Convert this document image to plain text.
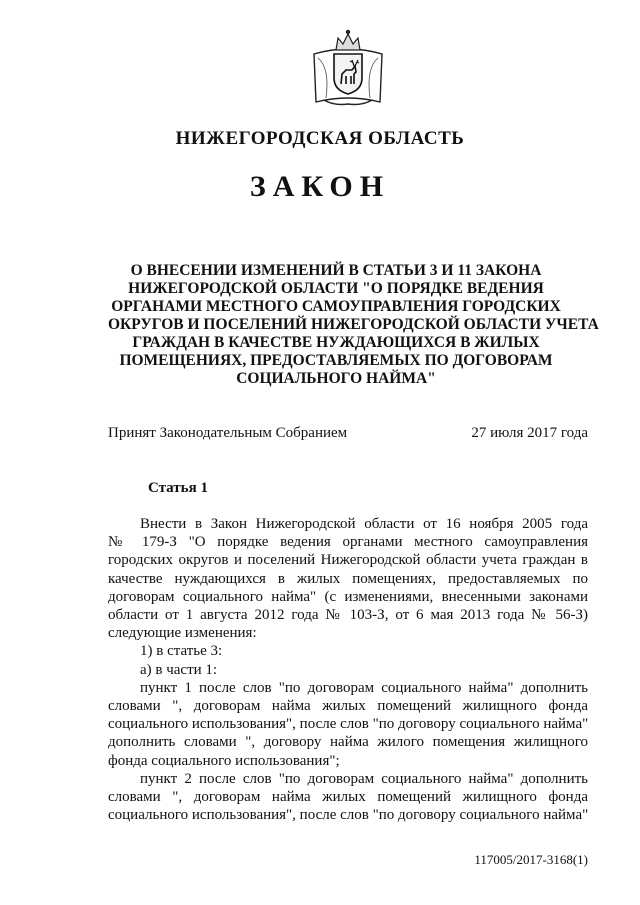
НИЖЕГОРОДСКАЯ ОБЛАСТЬ
ЗАКОН
О ВНЕСЕНИИ ИЗМЕНЕНИЙ В СТАТЬИ 3 И 11 ЗАКОНА
НИЖЕГОРОДСКОЙ ОБЛАСТИ "О ПОРЯДКЕ ВЕДЕНИЯ
ОРГАНАМИ МЕСТНОГО САМОУПРАВЛЕНИЯ ГОРОДСКИХ
ОКРУГОВ И ПОСЕЛЕНИЙ НИЖЕГОРОДСКОЙ ОБЛАСТИ УЧЕТА
ГРАЖДАН В КАЧЕСТВЕ НУЖДАЮЩИХСЯ В ЖИЛЫХ
ПОМЕЩЕНИЯХ, ПРЕДОСТАВЛЯЕМЫХ ПО ДОГОВОРАМ
СОЦИАЛЬНОГО НАЙМА"
Принят Законодательным Собранием	27 июля 2017 года
Статья 1
Внести в Закон Нижегородской области от 16 ноября 2005 года
№ 179-З "О порядке ведения органами местного самоуправления
городских округов и поселений Нижегородской области учета граждан в
качестве нуждающихся в жилых помещениях, предоставляемых по
договорам социального найма" (с изменениями, внесенными законами
области от 1 августа 2012 года № 103-З, от 6 мая 2013 года № 56-З)
следующие изменения:
1) в статье 3:
а) в части 1:
пункт 1 после слов "по договорам социального найма" дополнить
словами ", договорам найма жилых помещений жилищного фонда
социального использования", после слов "по договору социального найма"
дополнить словами ", договору найма жилого помещения жилищного
фонда социального использования";
пункт 2 после слов "по договорам социального найма" дополнить
словами ", договорам найма жилых помещений жилищного фонда
социального использования", после слов "по договору социального найма"
117005/2017-3168(1)
